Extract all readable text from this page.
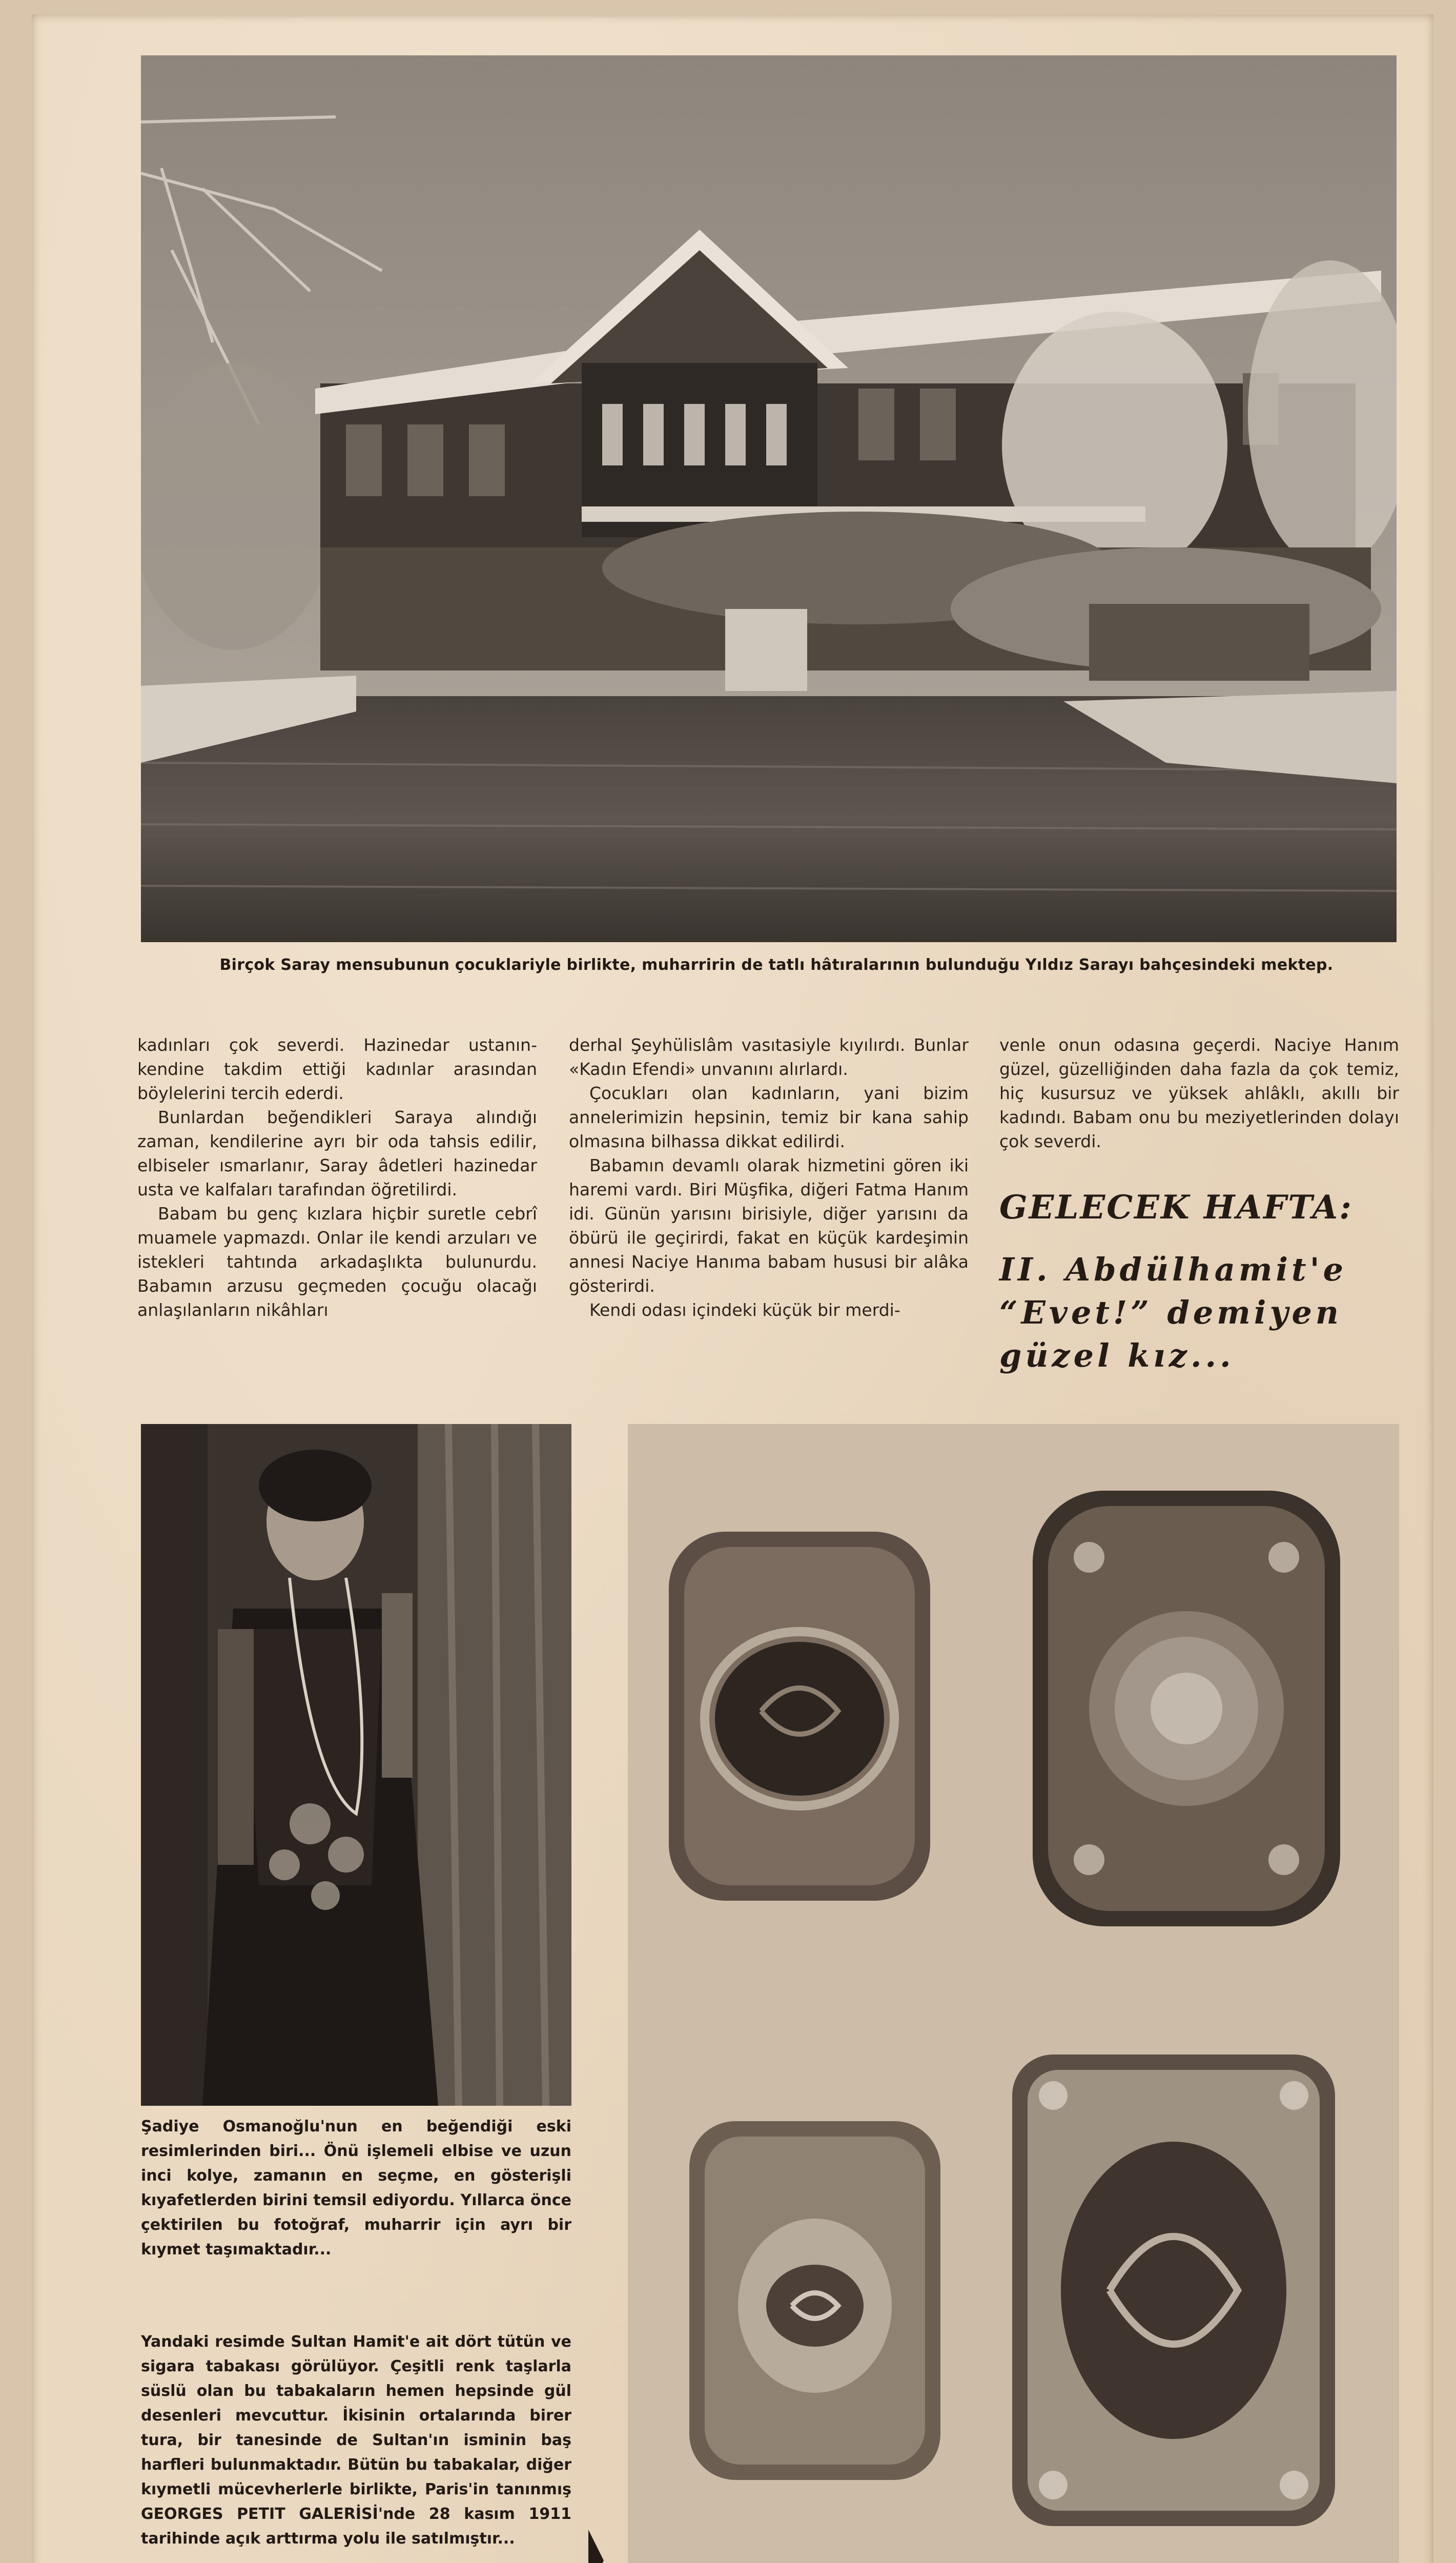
Birçok Saray mensubunun çocuklariyle birlikte, muharririn de tatlı hâtıralarının bulunduğu Yıldız Sarayı bahçesindeki mektep.

kadınları çok severdi. Hazinedar ustanın-kendine takdim ettiği kadınlar arasından böylelerini tercih ederdi.

Bunlardan beğendikleri Saraya alındığı zaman, kendilerine ayrı bir oda tahsis edilir, elbiseler ısmarlanır, Saray âdetleri hazinedar usta ve kalfaları tarafından öğretilirdi.

Babam bu genç kızlara hiçbir suretle cebrî muamele yapmazdı. Onlar ile kendi arzuları ve istekleri tahtında arkadaşlıkta bulunurdu. Babamın arzusu geçmeden çocuğu olacağı anlaşılanların nikâhları

derhal Şeyhülislâm vasıtasiyle kıyılırdı. Bunlar «Kadın Efendi» unvanını alırlardı.

Çocukları olan kadınların, yani bizim annelerimizin hepsinin, temiz bir kana sahip olmasına bilhassa dikkat edilirdi.

Babamın devamlı olarak hizmetini gören iki haremi vardı. Biri Müşfika, diğeri Fatma Hanım idi. Günün yarısını birisiyle, diğer yarısını da öbürü ile geçirirdi, fakat en küçük kardeşimin annesi Naciye Hanıma babam hususi bir alâka gösterirdi.

Kendi odası içindeki küçük bir merdi-

venle onun odasına geçerdi. Naciye Hanım güzel, güzelliğinden daha fazla da çok temiz, hiç kusursuz ve yüksek ahlâklı, akıllı bir kadındı. Babam onu bu meziyetlerinden dolayı çok severdi.

GELECEK HAFTA:
II. Abdülhamit'e
“Evet!” demiyen
güzel kız...
Şadiye Osmanoğlu'nun en beğendiği eski resimlerinden biri... Önü işlemeli elbise ve uzun inci kolye, zamanın en seçme, en gösterişli kıyafetlerden birini temsil ediyordu. Yıllarca önce çektirilen bu fotoğraf, muharrir için ayrı bir kıymet taşımaktadır...
Yandaki resimde Sultan Hamit'e ait dört tütün ve sigara tabakası görülüyor. Çeşitli renk taşlarla süslü olan bu tabakaların hemen hepsinde gül desenleri mevcuttur. İkisinin ortalarında birer tura, bir tanesinde de Sultan'ın isminin baş harfleri bulunmaktadır. Bütün bu tabakalar, diğer kıymetli mücevherlerle birlikte, Paris'in tanınmış GEORGES PETIT GALERİSİ'nde 28 kasım 1911 tarihinde açık arttırma yolu ile satılmıştır...
